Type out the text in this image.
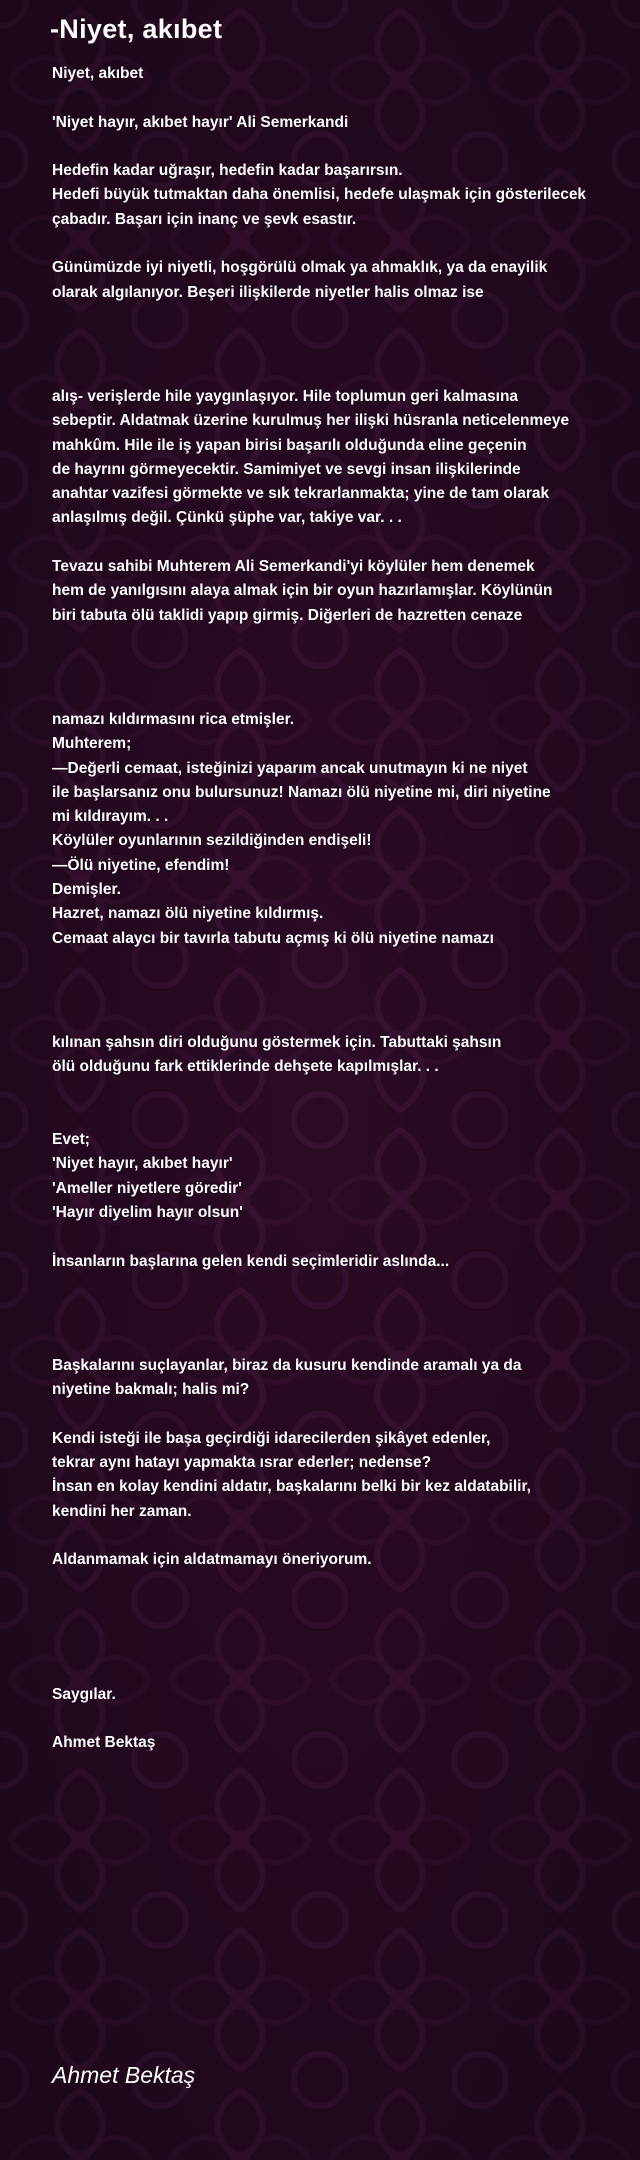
-Niyet, akıbet

Niyet, akıbet

'Niyet hayır, akıbet hayır' Ali Semerkandi

Hedefin kadar uğraşır, hedefin kadar başarırsın.
Hedefi büyük tutmaktan daha önemlisi, hedefe ulaşmak için gösterilecek
çabadır. Başarı için inanç ve şevk esastır.

Günümüzde iyi niyetli, hoşgörülü olmak ya ahmaklık, ya da enayilik
olarak algılanıyor. Beşeri ilişkilerde niyetler halis olmaz ise

alış- verişlerde hile yaygınlaşıyor. Hile toplumun geri kalmasına
sebeptir. Aldatmak üzerine kurulmuş her ilişki hüsranla neticelenmeye
mahkûm. Hile ile iş yapan birisi başarılı olduğunda eline geçenin
de hayrını görmeyecektir. Samimiyet ve sevgi insan ilişkilerinde
anahtar vazifesi görmekte ve sık tekrarlanmakta; yine de tam olarak
anlaşılmış değil. Çünkü şüphe var, takiye var. . .

Tevazu sahibi Muhterem Ali Semerkandi'yi köylüler hem denemek
hem de yanılgısını alaya almak için bir oyun hazırlamışlar. Köylünün
biri tabuta ölü taklidi yapıp girmiş. Diğerleri de hazretten cenaze

namazı kıldırmasını rica etmişler.
Muhterem;
—Değerli cemaat, isteğinizi yaparım ancak unutmayın ki ne niyet
ile başlarsanız onu bulursunuz! Namazı ölü niyetine mi, diri niyetine
mi kıldırayım. . .
Köylüler oyunlarının sezildiğinden endişeli!
—Ölü niyetine, efendim!
Demişler.
Hazret, namazı ölü niyetine kıldırmış.
Cemaat alaycı bir tavırla tabutu açmış ki ölü niyetine namazı

kılınan şahsın diri olduğunu göstermek için. Tabuttaki şahsın
ölü olduğunu fark ettiklerinde dehşete kapılmışlar. . .

Evet;
'Niyet hayır, akıbet hayır'
'Ameller niyetlere göredir'
'Hayır diyelim hayır olsun'

İnsanların başlarına gelen kendi seçimleridir aslında...

Başkalarını suçlayanlar, biraz da kusuru kendinde aramalı ya da
niyetine bakmalı; halis mi?

Kendi isteği ile başa geçirdiği idarecilerden şikâyet edenler,
tekrar aynı hatayı yapmakta ısrar ederler; nedense?
İnsan en kolay kendini aldatır, başkalarını belki bir kez aldatabilir,
kendini her zaman.

Aldanmamak için aldatmamayı öneriyorum.

Saygılar.

Ahmet Bektaş

Ahmet Bektaş
